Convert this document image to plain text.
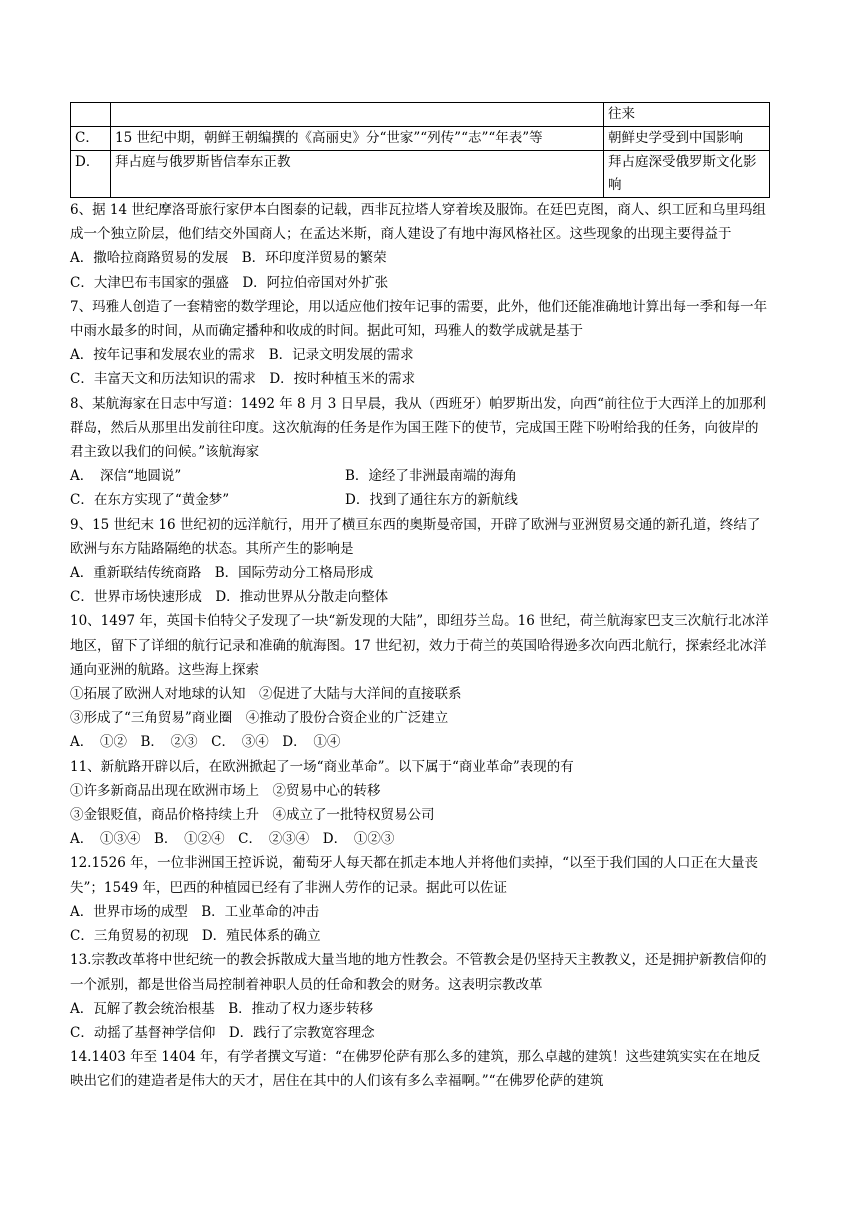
		往来
C．	15 世纪中期，朝鲜王朝编撰的《高丽史》分“世家”“列传”“志”“年表”等	朝鲜史学受到中国影响
D．	拜占庭与俄罗斯皆信奉东正教	拜占庭深受俄罗斯文化影响

6、据 14 世纪摩洛哥旅行家伊本白图泰的记载，西非瓦拉塔人穿着埃及服饰。在廷巴克图，商人、织工匠和乌里玛组成一个独立阶层，他们结交外国商人；在孟达米斯，商人建设了有地中海风格社区。这些现象的出现主要得益于

A．撒哈拉商路贸易的发展　B．环印度洋贸易的繁荣

C．大津巴布韦国家的强盛　D．阿拉伯帝国对外扩张

7、玛雅人创造了一套精密的数学理论，用以适应他们按年记事的需要，此外，他们还能准确地计算出每一季和每一年中雨水最多的时间，从而确定播种和收成的时间。据此可知，玛雅人的数学成就是基于

A．按年记事和发展农业的需求　B．记录文明发展的需求

C．丰富天文和历法知识的需求　D．按时种植玉米的需求

8、某航海家在日志中写道：1492 年 8 月 3 日早晨，我从（西班牙）帕罗斯出发，向西“前往位于大西洋上的加那利群岛，然后从那里出发前往印度。这次航海的任务是作为国王陛下的使节，完成国王陛下吩咐给我的任务，向彼岸的君主致以我们的问候。”该航海家

A．　深信“地圆说”	B．途经了非洲最南端的海角

C．在东方实现了“黄金梦”	D．找到了通往东方的新航线

9、15 世纪末 16 世纪初的远洋航行，用开了横亘东西的奥斯曼帝国，开辟了欧洲与亚洲贸易交通的新孔道，终结了欧洲与东方陆路隔绝的状态。其所产生的影响是

A．重新联结传统商路　B．国际劳动分工格局形成

C．世界市场快速形成　D．推动世界从分散走向整体

10、1497 年，英国卡伯特父子发现了一块“新发现的大陆”，即纽芬兰岛。16 世纪，荷兰航海家巴支三次航行北冰洋地区，留下了详细的航行记录和准确的航海图。17 世纪初，效力于荷兰的英国哈得逊多次向西北航行，探索经北冰洋通向亚洲的航路。这些海上探索

①拓展了欧洲人对地球的认知　②促进了大陆与大洋间的直接联系

③形成了“三角贸易”商业圈　④推动了股份合资企业的广泛建立

A．　①②　B．　②③　C．　③④　D．　①④

11、新航路开辟以后，在欧洲掀起了一场“商业革命”。以下属于“商业革命”表现的有

①许多新商品出现在欧洲市场上　②贸易中心的转移

③金银贬值，商品价格持续上升　④成立了一批特权贸易公司

A．　①③④　B．　①②④　C．　②③④　D．　①②③

12.1526 年，一位非洲国王控诉说，葡萄牙人每天都在抓走本地人并将他们卖掉，“以至于我们国的人口正在大量丧失”；1549 年，巴西的种植园已经有了非洲人劳作的记录。据此可以佐证

A．世界市场的成型　B．工业革命的冲击

C．三角贸易的初现　D．殖民体系的确立

13.宗教改革将中世纪统一的教会拆散成大量当地的地方性教会。不管教会是仍坚持天主教教义，还是拥护新教信仰的一个派别，都是世俗当局控制着神职人员的任命和教会的财务。这表明宗教改革

A．瓦解了教会统治根基　B．推动了权力逐步转移

C．动摇了基督神学信仰　D．践行了宗教宽容理念

14.1403 年至 1404 年，有学者撰文写道：“在佛罗伦萨有那么多的建筑，那么卓越的建筑！这些建筑实实在在地反映出它们的建造者是伟大的天才，居住在其中的人们该有多么幸福啊。”“在佛罗伦萨的建筑
